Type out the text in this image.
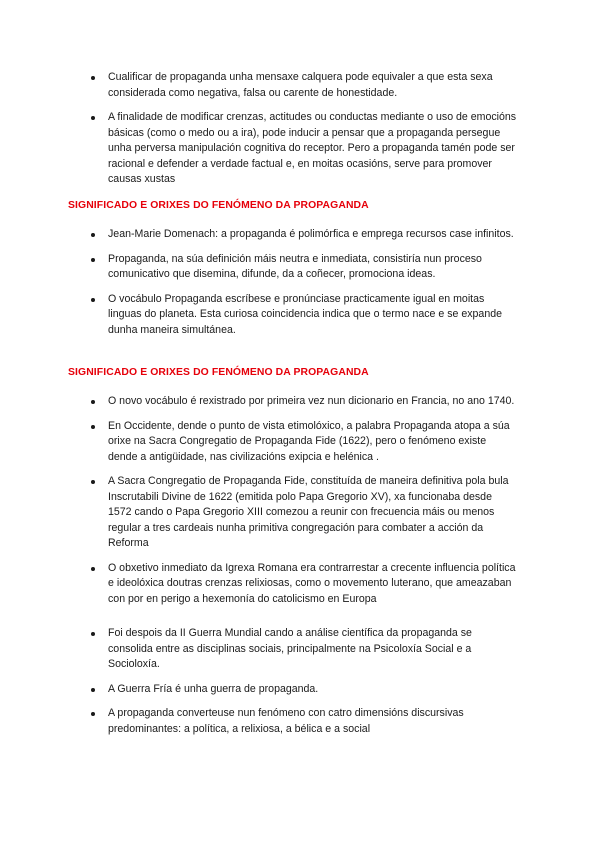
Cualificar de propaganda unha mensaxe calquera pode equivaler a que esta sexa considerada como negativa, falsa ou carente de honestidade.
A finalidade de modificar crenzas, actitudes ou conductas mediante o uso de emocións básicas (como o medo ou a ira), pode inducir a pensar que a propaganda persegue unha perversa manipulación cognitiva do receptor. Pero a propaganda tamén pode ser racional e defender a verdade factual e, en moitas ocasións, serve para promover causas xustas
SIGNIFICADO E ORIXES DO FENÓMENO DA PROPAGANDA
Jean-Marie Domenach: a propaganda é polimórfica e emprega recursos case infinitos.
Propaganda, na súa definición máis neutra e inmediata, consistiría nun proceso comunicativo que disemina, difunde, da a coñecer, promociona ideas.
O vocábulo Propaganda escríbese e pronúnciase practicamente igual en moitas linguas do planeta. Esta curiosa coincidencia indica que o termo nace e se expande dunha maneira simultánea.
SIGNIFICADO E ORIXES DO FENÓMENO DA PROPAGANDA
O novo vocábulo é rexistrado por primeira vez nun dicionario en Francia, no ano 1740.
En Occidente, dende o punto de vista etimolóxico, a palabra Propaganda atopa a súa orixe na Sacra Congregatio de Propaganda Fide (1622), pero o fenómeno existe dende a antigüidade, nas civilizacións exipcia e helénica .
A Sacra Congregatio de Propaganda Fide, constituída de maneira definitiva pola bula Inscrutabili Divine de 1622 (emitida polo Papa Gregorio XV), xa funcionaba desde 1572 cando o Papa Gregorio XIII comezou a reunir con frecuencia máis ou menos regular a tres cardeais nunha primitiva congregación para combater a acción da Reforma
O obxetivo inmediato da Igrexa Romana era contrarrestar a crecente influencia política e ideolóxica doutras crenzas relixiosas, como o movemento luterano, que ameazaban con por en perigo a hexemonía do catolicismo en Europa
Foi despois da II Guerra Mundial cando a análise científica da propaganda se consolida entre as disciplinas sociais, principalmente na Psicoloxía Social e a Socioloxía.
A Guerra Fría é unha guerra de propaganda.
A propaganda converteuse nun fenómeno con catro dimensións discursivas predominantes: a política, a relixiosa, a bélica e a social
